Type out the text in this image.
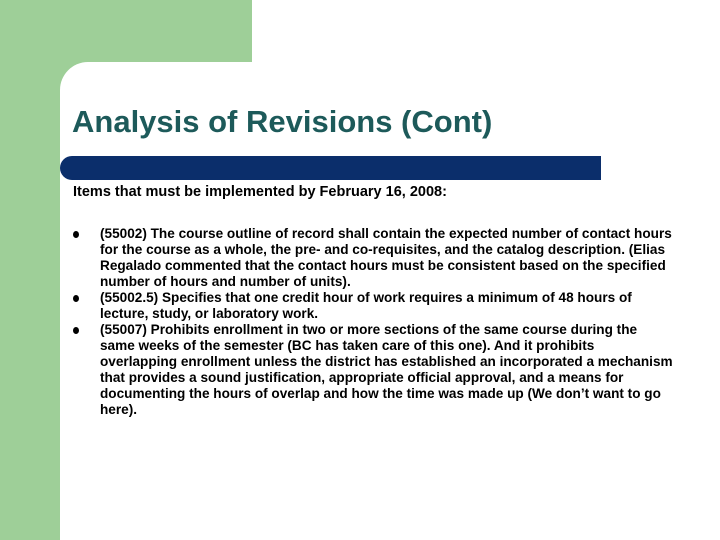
Analysis of Revisions (Cont)
Items that must be implemented by February 16, 2008:
(55002) The course outline of record shall contain the expected number of contact hours for the course as a whole, the pre- and co-requisites, and the catalog description. (Elias Regalado commented that the contact hours must be consistent based on the specified number of hours and number of units).
(55002.5) Specifies that one credit hour of work requires a minimum of 48 hours of lecture, study, or laboratory work.
(55007) Prohibits enrollment in two or more sections of the same course during the same weeks of the semester (BC has taken care of this one). And it prohibits overlapping enrollment unless the district has established an incorporated a mechanism that provides a sound justification, appropriate official approval, and a means for documenting the hours of overlap and how the time was made up (We don’t want to go here).
